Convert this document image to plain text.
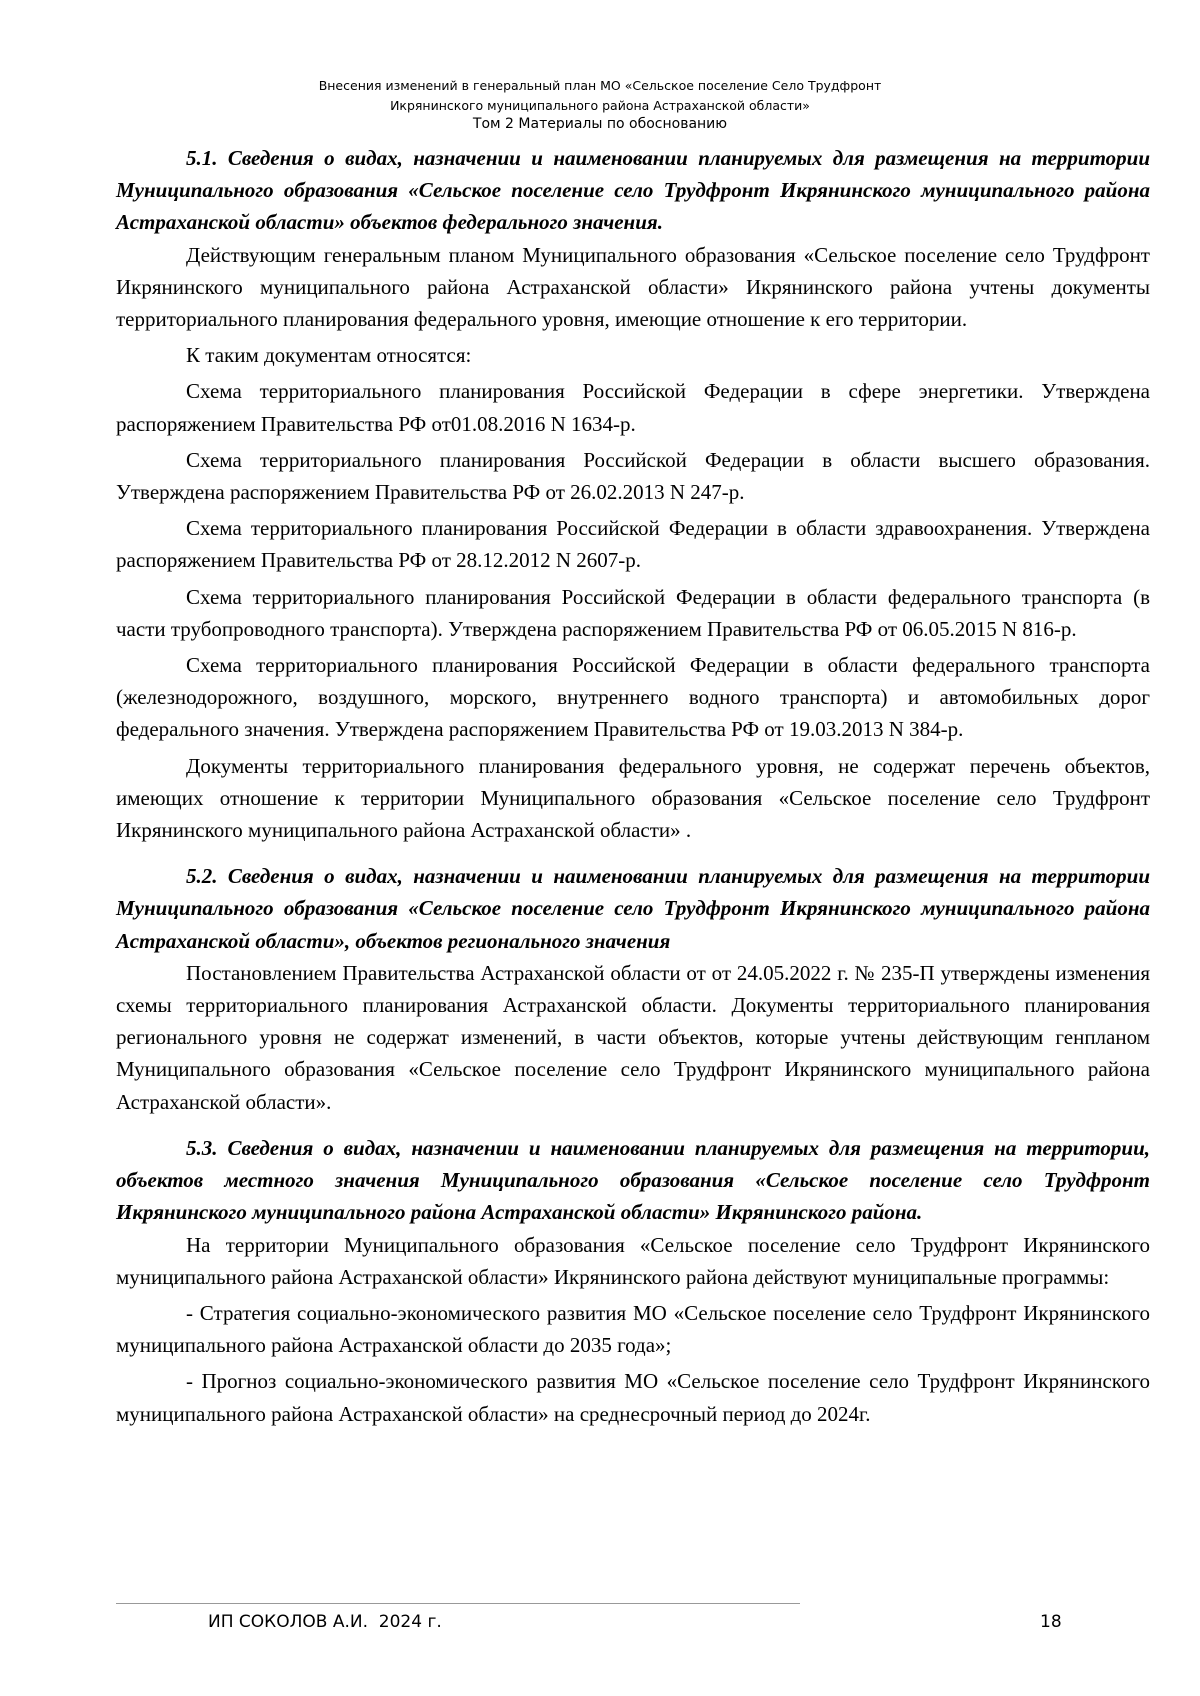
Внесения изменений в генеральный план МО «Сельское поселение Село Трудфронт
Икрянинского муниципального района Астраханской области»
Том 2 Материалы по обоснованию

5.1. Сведения о видах, назначении и наименовании планируемых для размещения на территории Муниципального образования «Сельское поселение село Трудфронт Икрянинского муниципального района Астраханской области» объектов федерального значения.

Действующим генеральным планом Муниципального образования «Сельское поселение село Трудфронт Икрянинского муниципального района Астраханской области» Икрянинского района учтены документы территориального планирования федерального уровня, имеющие отношение к его территории.

К таким документам относятся:

Схема территориального планирования Российской Федерации в сфере энергетики. Утверждена распоряжением Правительства РФ от01.08.2016 N 1634-р.

Схема территориального планирования Российской Федерации в области высшего образования. Утверждена распоряжением Правительства РФ от 26.02.2013 N 247-р.

Схема территориального планирования Российской Федерации в области здравоохранения. Утверждена распоряжением Правительства РФ от 28.12.2012 N 2607-р.

Схема территориального планирования Российской Федерации в области федерального транспорта (в части трубопроводного транспорта). Утверждена распоряжением Правительства РФ от 06.05.2015 N 816-р.

Схема территориального планирования Российской Федерации в области федерального транспорта (железнодорожного, воздушного, морского, внутреннего водного транспорта) и автомобильных дорог федерального значения. Утверждена распоряжением Правительства РФ от 19.03.2013 N 384-р.

Документы территориального планирования федерального уровня, не содержат перечень объектов, имеющих отношение к территории Муниципального образования «Сельское поселение село Трудфронт Икрянинского муниципального района Астраханской области» .

5.2. Сведения о видах, назначении и наименовании планируемых для размещения на территории Муниципального образования «Сельское поселение село Трудфронт Икрянинского муниципального района Астраханской области», объектов регионального значения

Постановлением Правительства Астраханской области от от 24.05.2022 г. № 235-П утверждены изменения схемы территориального планирования Астраханской области. Документы территориального планирования регионального уровня не содержат изменений, в части объектов, которые учтены действующим генпланом Муниципального образования «Сельское поселение село Трудфронт Икрянинского муниципального района Астраханской области».

5.3. Сведения о видах, назначении и наименовании планируемых для размещения на территории, объектов местного значения Муниципального образования «Сельское поселение село Трудфронт Икрянинского муниципального района Астраханской области» Икрянинского района.

На территории Муниципального образования «Сельское поселение село Трудфронт Икрянинского муниципального района Астраханской области» Икрянинского района действуют муниципальные программы:

- Стратегия социально-экономического развития МО «Сельское поселение село Трудфронт Икрянинского муниципального района Астраханской области до 2035 года»;

- Прогноз социально-экономического развития МО «Сельское поселение село Трудфронт Икрянинского муниципального района Астраханской области» на среднесрочный период до 2024г.

ИП СОКОЛОВ А.И.  2024 г.	18
